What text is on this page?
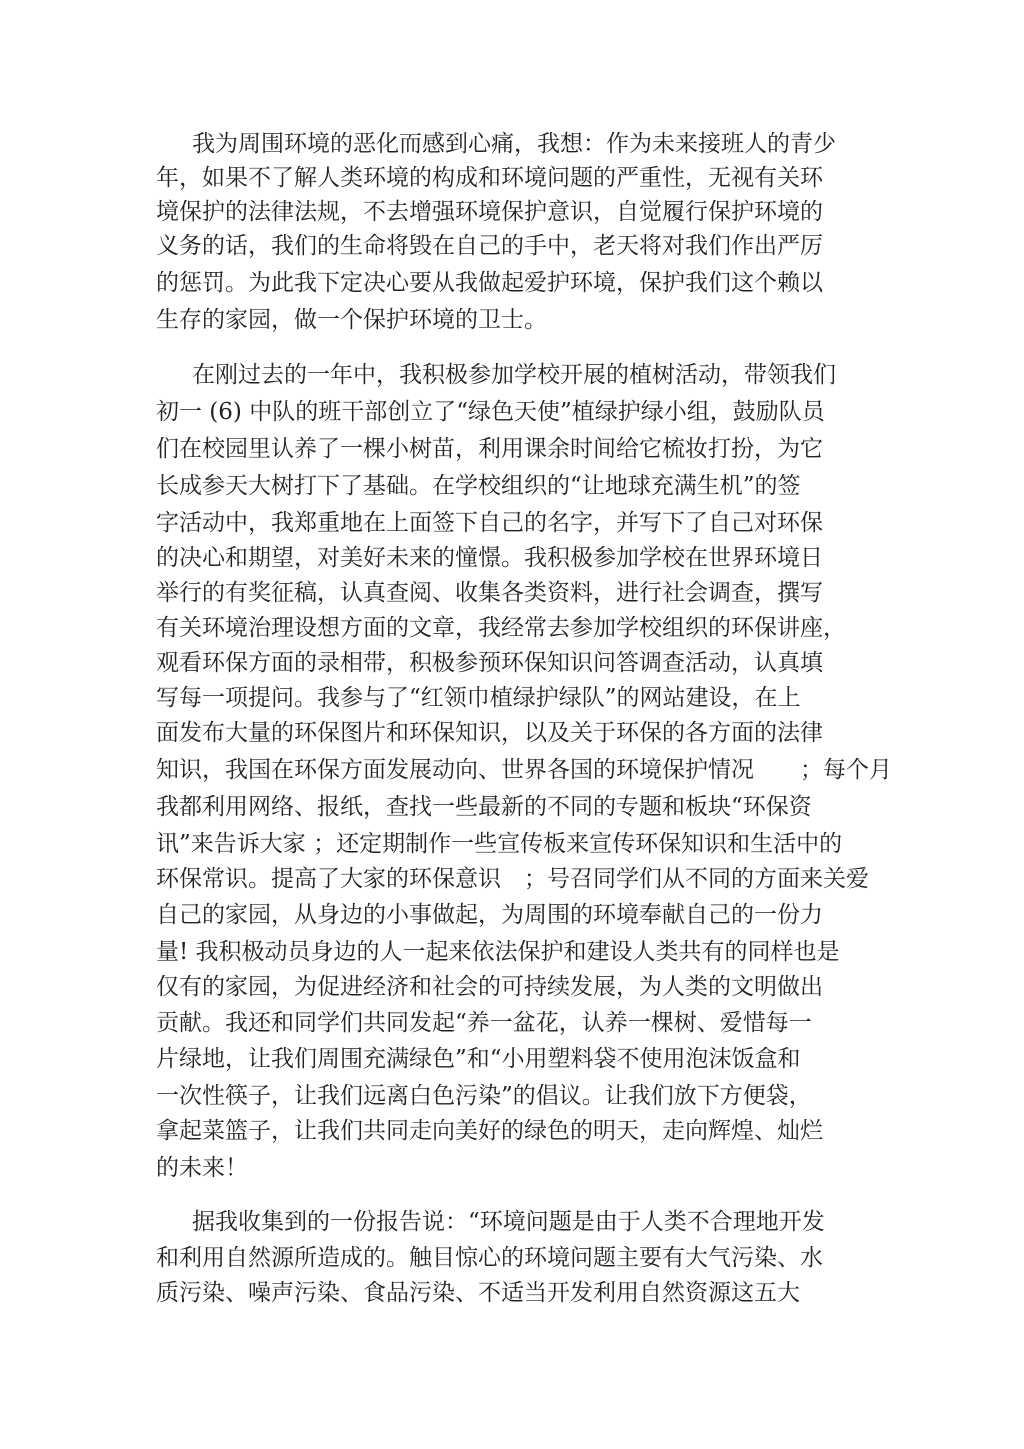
我为周围环境的恶化而感到心痛，我想：作为未来接班人的青少
年，如果不了解人类环境的构成和环境问题的严重性，无视有关环
境保护的法律法规，不去增强环境保护意识，自觉履行保护环境的
义务的话，我们的生命将毁在自己的手中，老天将对我们作出严厉
的惩罚。为此我下定决心要从我做起爱护环境，保护我们这个赖以
生存的家园，做一个保护环境的卫士。
在刚过去的一年中，我积极参加学校开展的植树活动，带领我们
初一 (6) 中队的班干部创立了“绿色天使”植绿护绿小组，鼓励队员
们在校园里认养了一棵小树苗，利用课余时间给它梳妆打扮，为它
长成参天大树打下了基础。在学校组织的“让地球充满生机”的签
字活动中，我郑重地在上面签下自己的名字，并写下了自己对环保
的决心和期望，对美好未来的憧憬。我积极参加学校在世界环境日
举行的有奖征稿，认真查阅、收集各类资料，进行社会调查，撰写
有关环境治理设想方面的文章，我经常去参加学校组织的环保讲座，
观看环保方面的录相带，积极参预环保知识问答调查活动，认真填
写每一项提问。我参与了“红领巾植绿护绿队”的网站建设，在上
面发布大量的环保图片和环保知识，以及关于环保的各方面的法律
知识，我国在环保方面发展动向、世界各国的环境保护情况　　；每个月
我都利用网络、报纸，查找一些最新的不同的专题和板块“环保资
讯”来告诉大家 ；还定期制作一些宣传板来宣传环保知识和生活中的
环保常识。提高了大家的环保意识　；号召同学们从不同的方面来关爱
自己的家园，从身边的小事做起，为周围的环境奉献自己的一份力
量! 我积极动员身边的人一起来依法保护和建设人类共有的同样也是
仅有的家园，为促进经济和社会的可持续发展，为人类的文明做出
贡献。我还和同学们共同发起“养一盆花，认养一棵树、爱惜每一
片绿地，让我们周围充满绿色”和“小用塑料袋不使用泡沫饭盒和
一次性筷子，让我们远离白色污染”的倡议。让我们放下方便袋，
拿起菜篮子，让我们共同走向美好的绿色的明天，走向辉煌、灿烂
的未来！
据我收集到的一份报告说：“环境问题是由于人类不合理地开发
和利用自然源所造成的。触目惊心的环境问题主要有大气污染、水
质污染、噪声污染、食品污染、不适当开发利用自然资源这五大
